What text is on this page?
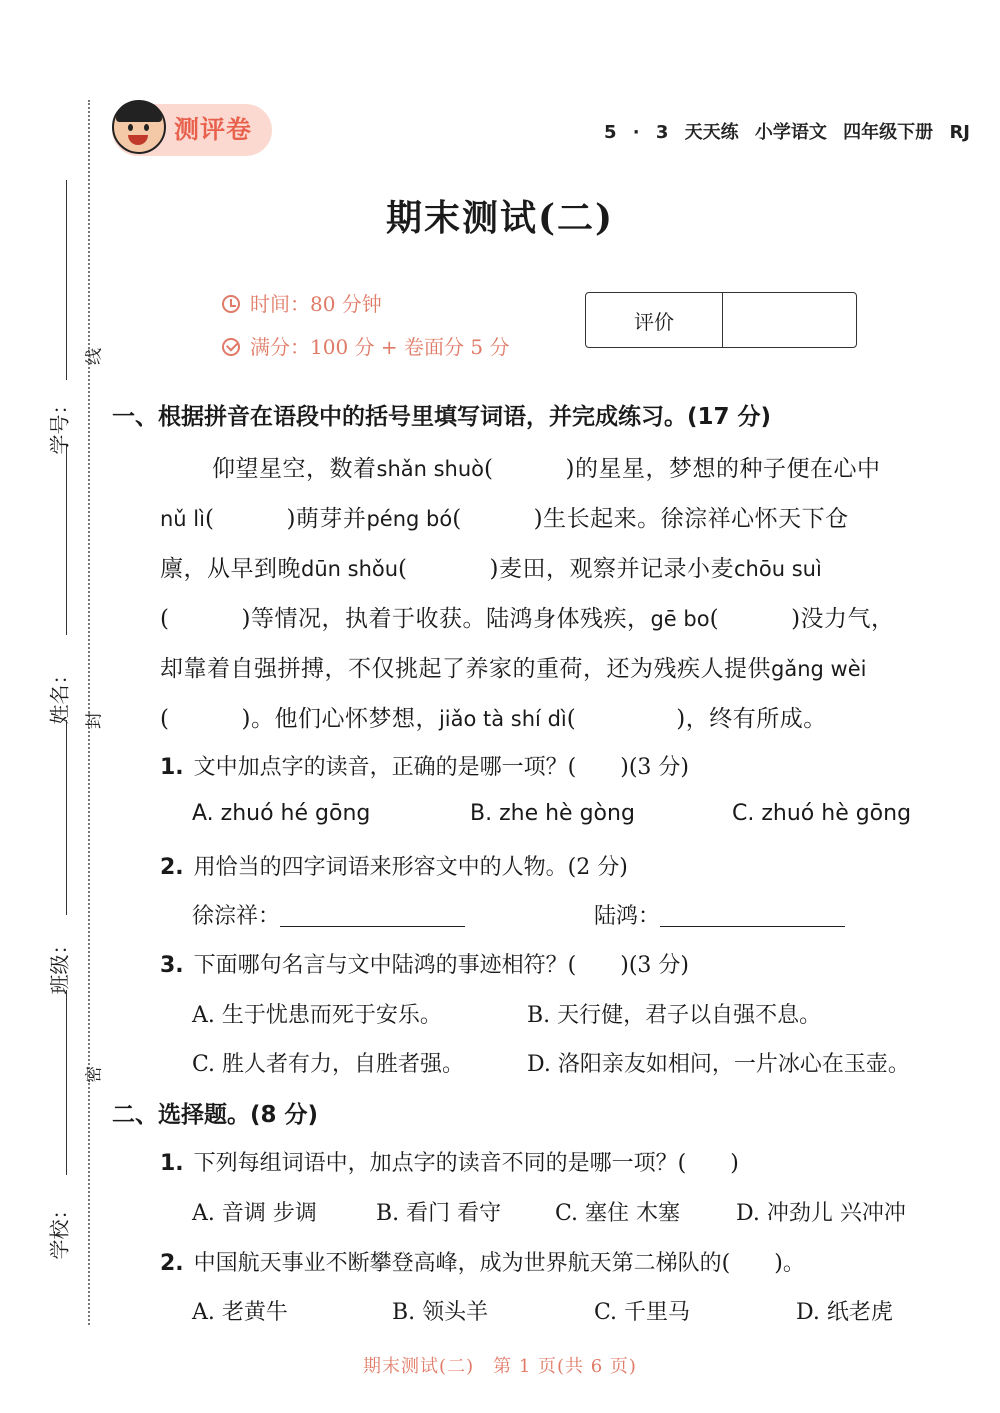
学号：
姓名：
班级：
学校：
线
封
密
测评卷	5 · 3 天天练 小学语文 四年级下册 RJ
期末测试(二)
时间：80 分钟
满分：100 分 + 卷面分 5 分
评价
一、根据拼音在语段中的括号里填写词语，并完成练习。(17 分)
仰望星空，数着shǎn shuò(	)的星星，梦想的种子便在心中
nǔ lì(	)萌芽并péng bó(	)生长起来。徐淙祥心怀天下仓
廪，从早到晚dūn shǒu(	)麦田，观察并记录小麦chōu suì
(	)等情况，执着于收获。陆鸿身体残疾，gē bo(	)没力气，
却靠着自强拼搏，不仅挑起了养家的重荷，还为残疾人提供gǎng wèi
(	)。他们心怀梦想，jiǎo tà shí dì(	)，终有所成。
1. 文中加点字的读音，正确的是哪一项？(　　)(3 分)
A. zhuó hé gōng	B. zhe hè gòng	C. zhuó hè gōng
2. 用恰当的四字词语来形容文中的人物。(2 分)
徐淙祥：	陆鸿：
3. 下面哪句名言与文中陆鸿的事迹相符？(　　)(3 分)
A. 生于忧患而死于安乐。	B. 天行健，君子以自强不息。
C. 胜人者有力，自胜者强。	D. 洛阳亲友如相问，一片冰心在玉壶。
二、选择题。(8 分)
1. 下列每组词语中，加点字的读音不同的是哪一项？(　　)
A. 音调 步调	B. 看门 看守 C. 塞住 木塞	D. 冲劲儿 兴冲冲
2. 中国航天事业不断攀登高峰，成为世界航天第二梯队的(　　)。
A. 老黄牛	B. 领头羊	C. 千里马	D. 纸老虎
期末测试(二)　第 1 页(共 6 页)
